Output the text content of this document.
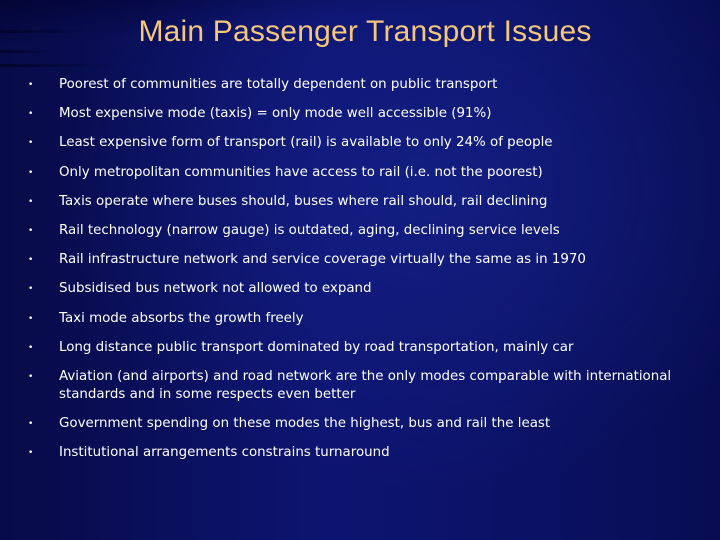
Main Passenger Transport Issues
• Poorest of communities are totally dependent on public transport
• Most expensive mode (taxis) = only mode well accessible (91%)
• Least expensive form of transport (rail) is available to only 24% of people
• Only metropolitan communities have access to rail (i.e. not the poorest)
• Taxis operate where buses should, buses where rail should, rail declining
• Rail technology (narrow gauge) is outdated, aging, declining service levels
• Rail infrastructure network and service coverage virtually the same as in 1970
• Subsidised bus network not allowed to expand
• Taxi mode absorbs the growth freely
• Long distance public transport dominated by road transportation, mainly car
• Aviation (and airports) and road network are the only modes comparable with international standards and in some respects even better
• Government spending on these modes the highest, bus and rail the least
• Institutional arrangements constrains turnaround
